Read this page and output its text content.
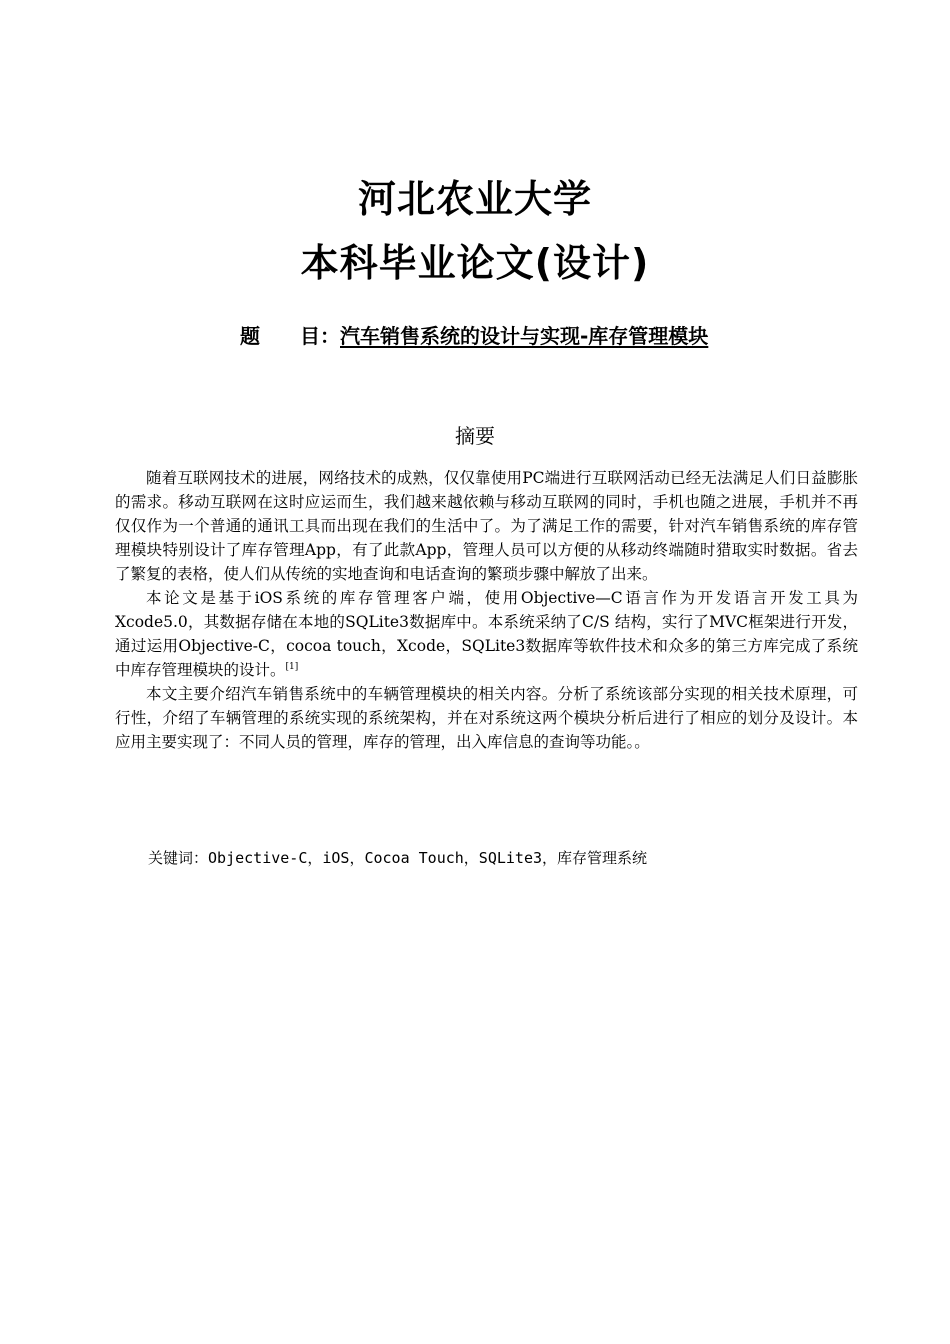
河北农业大学
本科毕业论文(设计)
题 目：汽车销售系统的设计与实现-库存管理模块
摘要

随着互联网技术的进展，网络技术的成熟，仅仅靠使用PC端进行互联网活动已经无法满足人们日益膨胀的需求。移动互联网在这时应运而生，我们越来越依赖与移动互联网的同时，手机也随之进展，手机并不再仅仅作为一个普通的通讯工具而出现在我们的生活中了。为了满足工作的需要，针对汽车销售系统的库存管理模块特别设计了库存管理App，有了此款App，管理人员可以方便的从移动终端随时猎取实时数据。省去了繁复的表格，使人们从传统的实地查询和电话查询的繁琐步骤中解放了出来。

本论文是基于iOS系统的库存管理客户端，使用Objective—C语言作为开发语言开发工具为Xcode5.0，其数据存储在本地的SQLite3数据库中。本系统采纳了C/S 结构，实行了MVC框架进行开发，通过运用Objective-C，cocoa touch，Xcode，SQLite3数据库等软件技术和众多的第三方库完成了系统中库存管理模块的设计。[1]

本文主要介绍汽车销售系统中的车辆管理模块的相关内容。分析了系统该部分实现的相关技术原理，可行性，介绍了车辆管理的系统实现的系统架构，并在对系统这两个模块分析后进行了相应的划分及设计。本应用主要实现了：不同人员的管理，库存的管理，出入库信息的查询等功能。。

关键词：Objective-C，iOS，Cocoa Touch，SQLite3，库存管理系统
